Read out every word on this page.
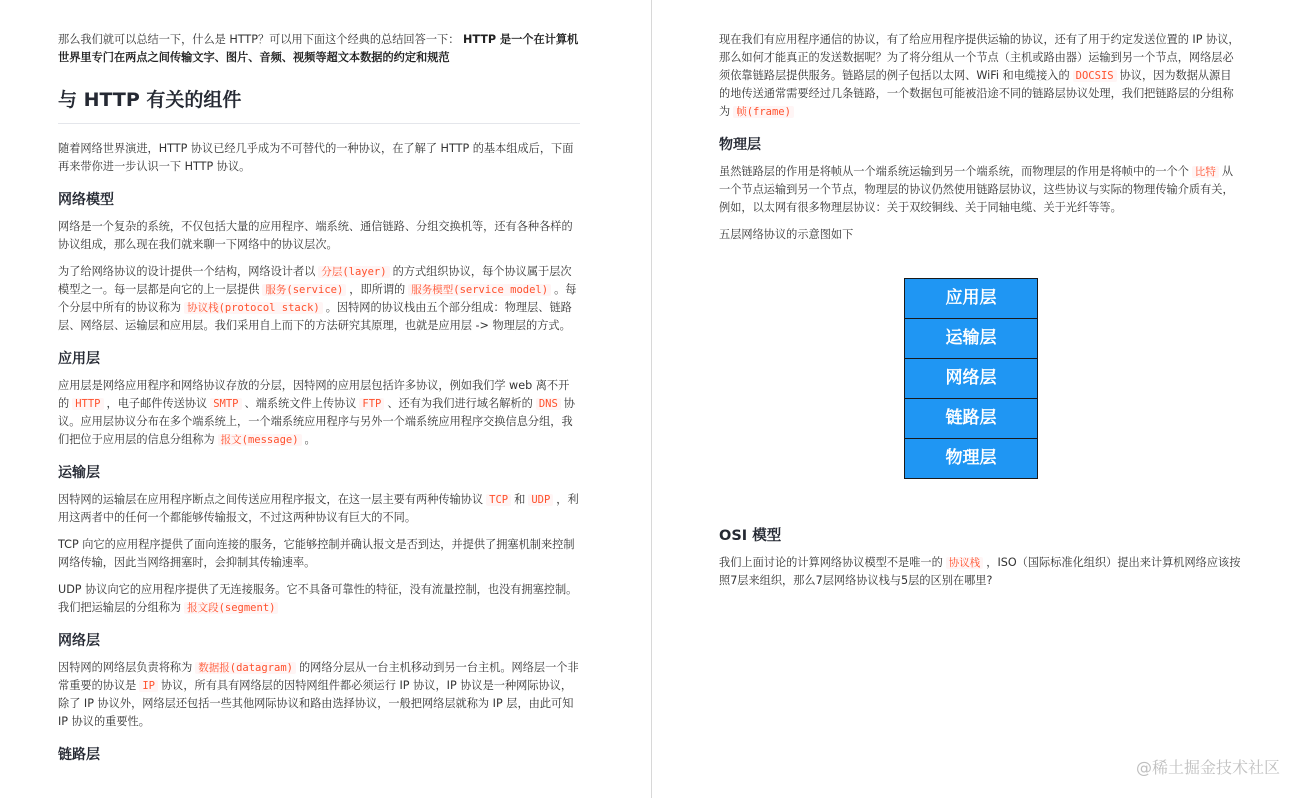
那么我们就可以总结一下，什么是 HTTP？可以用下面这个经典的总结回答一下： HTTP 是一个在计算机世界里专门在两点之间传输文字、图片、音频、视频等超文本数据的约定和规范

与 HTTP 有关的组件

随着网络世界演进，HTTP 协议已经几乎成为不可替代的一种协议，在了解了 HTTP 的基本组成后，下面再来带你进一步认识一下 HTTP 协议。

网络模型

网络是一个复杂的系统，不仅包括大量的应用程序、端系统、通信链路、分组交换机等，还有各种各样的协议组成，那么现在我们就来聊一下网络中的协议层次。

为了给网络协议的设计提供一个结构，网络设计者以 分层(layer) 的方式组织协议，每个协议属于层次模型之一。每一层都是向它的上一层提供 服务(service) ，即所谓的 服务模型(service model) 。每个分层中所有的协议称为 协议栈(protocol stack) 。因特网的协议栈由五个部分组成：物理层、链路层、网络层、运输层和应用层。我们采用自上而下的方法研究其原理，也就是应用层 -> 物理层的方式。

应用层

应用层是网络应用程序和网络协议存放的分层，因特网的应用层包括许多协议，例如我们学 web 离不开的 HTTP ，电子邮件传送协议 SMTP 、端系统文件上传协议 FTP 、还有为我们进行域名解析的 DNS 协议。应用层协议分布在多个端系统上，一个端系统应用程序与另外一个端系统应用程序交换信息分组，我们把位于应用层的信息分组称为 报文(message) 。

运输层

因特网的运输层在应用程序断点之间传送应用程序报文，在这一层主要有两种传输协议 TCP 和 UDP ，利用这两者中的任何一个都能够传输报文，不过这两种协议有巨大的不同。

TCP 向它的应用程序提供了面向连接的服务，它能够控制并确认报文是否到达，并提供了拥塞机制来控制网络传输，因此当网络拥塞时，会抑制其传输速率。

UDP 协议向它的应用程序提供了无连接服务。它不具备可靠性的特征，没有流量控制，也没有拥塞控制。我们把运输层的分组称为 报文段(segment)

网络层

因特网的网络层负责将称为 数据报(datagram) 的网络分层从一台主机移动到另一台主机。网络层一个非常重要的协议是 IP 协议，所有具有网络层的因特网组件都必须运行 IP 协议，IP 协议是一种网际协议，除了 IP 协议外，网络层还包括一些其他网际协议和路由选择协议，一般把网络层就称为 IP 层，由此可知 IP 协议的重要性。

链路层

现在我们有应用程序通信的协议，有了给应用程序提供运输的协议，还有了用于约定发送位置的 IP 协议，那么如何才能真正的发送数据呢？为了将分组从一个节点（主机或路由器）运输到另一个节点，网络层必须依靠链路层提供服务。链路层的例子包括以太网、WiFi 和电缆接入的 DOCSIS 协议，因为数据从源目的地传送通常需要经过几条链路，一个数据包可能被沿途不同的链路层协议处理，我们把链路层的分组称为 帧(frame)

物理层

虽然链路层的作用是将帧从一个端系统运输到另一个端系统，而物理层的作用是将帧中的一个个 比特 从一个节点运输到另一个节点，物理层的协议仍然使用链路层协议，这些协议与实际的物理传输介质有关，例如，以太网有很多物理层协议：关于双绞铜线、关于同轴电缆、关于光纤等等。

五层网络协议的示意图如下

应用层
运输层
网络层
链路层
物理层
OSI 模型

我们上面讨论的计算网络协议模型不是唯一的 协议栈 ，ISO（国际标准化组织）提出来计算机网络应该按照7层来组织，那么7层网络协议栈与5层的区别在哪里?

@稀土掘金技术社区
